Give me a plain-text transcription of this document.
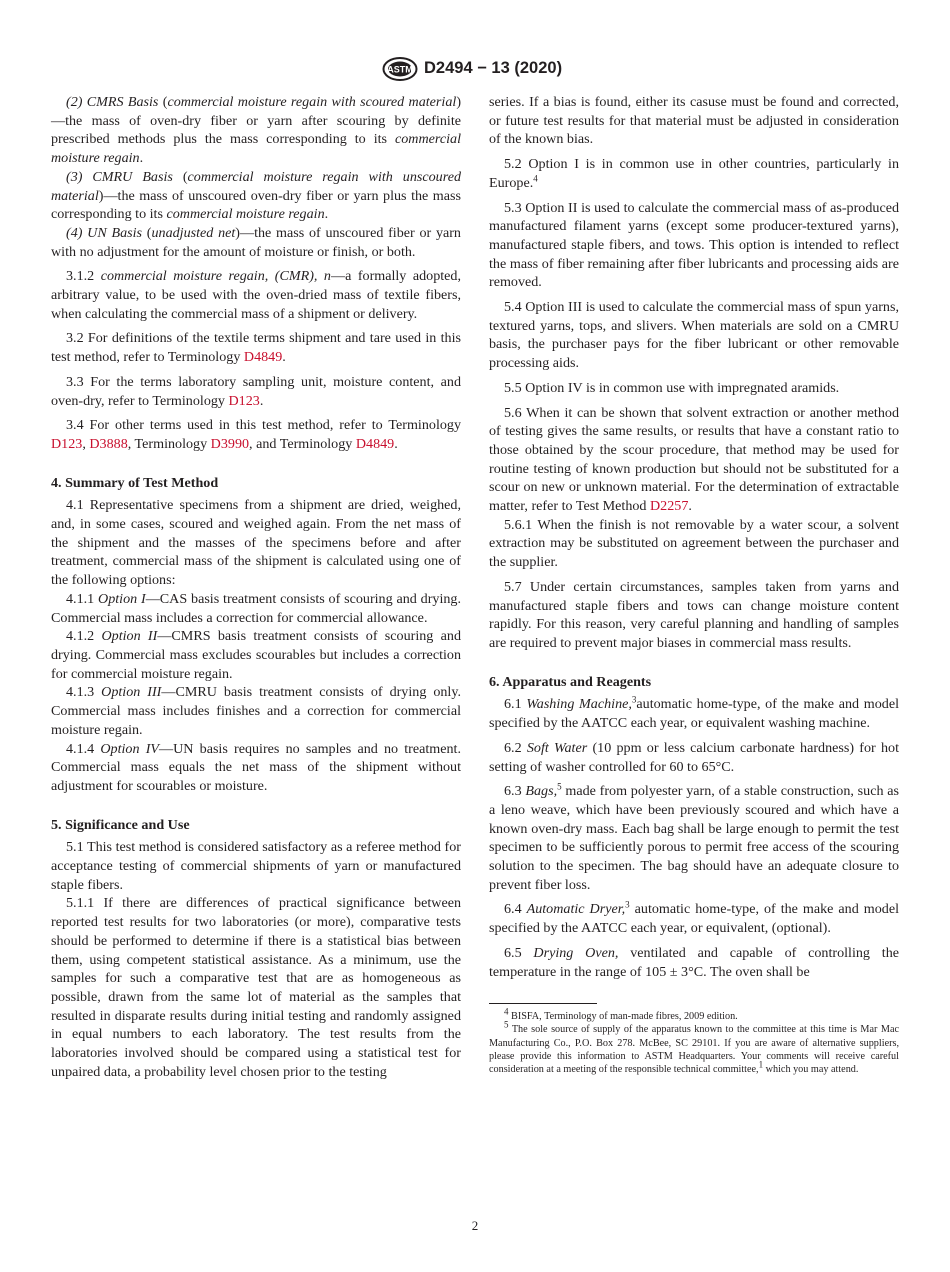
ASTM D2494 − 13 (2020)

(2) CMRS Basis (commercial moisture regain with scoured material)—the mass of oven-dry fiber or yarn after scouring by definite prescribed methods plus the mass corresponding to its commercial moisture regain.

(3) CMRU Basis (commercial moisture regain with unscoured material)—the mass of unscoured oven-dry fiber or yarn plus the mass corresponding to its commercial moisture regain.

(4) UN Basis (unadjusted net)—the mass of unscoured fiber or yarn with no adjustment for the amount of moisture or finish, or both.

3.1.2 commercial moisture regain, (CMR), n—a formally adopted, arbitrary value, to be used with the oven-dried mass of textile fibers, when calculating the commercial mass of a shipment or delivery.

3.2 For definitions of the textile terms shipment and tare used in this test method, refer to Terminology D4849.

3.3 For the terms laboratory sampling unit, moisture content, and oven-dry, refer to Terminology D123.

3.4 For other terms used in this test method, refer to Terminology D123, D3888, Terminology D3990, and Terminology D4849.

4. Summary of Test Method

4.1 Representative specimens from a shipment are dried, weighed, and, in some cases, scoured and weighed again. From the net mass of the shipment and the masses of the specimens before and after treatment, commercial mass of the shipment is calculated using one of the following options:

4.1.1 Option I—CAS basis treatment consists of scouring and drying. Commercial mass includes a correction for commercial allowance.

4.1.2 Option II—CMRS basis treatment consists of scouring and drying. Commercial mass excludes scourables but includes a correction for commercial moisture regain.

4.1.3 Option III—CMRU basis treatment consists of drying only. Commercial mass includes finishes and a correction for commercial moisture regain.

4.1.4 Option IV—UN basis requires no samples and no treatment. Commercial mass equals the net mass of the shipment without adjustment for scourables or moisture.

5. Significance and Use

5.1 This test method is considered satisfactory as a referee method for acceptance testing of commercial shipments of yarn or manufactured staple fibers.

5.1.1 If there are differences of practical significance between reported test results for two laboratories (or more), comparative tests should be performed to determine if there is a statistical bias between them, using competent statistical assistance. As a minimum, use the samples for such a comparative test that are as homogeneous as possible, drawn from the same lot of material as the samples that resulted in disparate results during initial testing and randomly assigned in equal numbers to each laboratory. The test results from the laboratories involved should be compared using a statistical test for unpaired data, a probability level chosen prior to the testing

series. If a bias is found, either its casuse must be found and corrected, or future test results for that material must be adjusted in consideration of the known bias.

5.2 Option I is in common use in other countries, particularly in Europe.$^4$

5.3 Option II is used to calculate the commercial mass of as-produced manufactured filament yarns (except some producer-textured yarns), manufactured staple fibers, and tows. This option is intended to reflect the mass of fiber remaining after fiber lubricants and processing aids are removed.

5.4 Option III is used to calculate the commercial mass of spun yarns, textured yarns, tops, and slivers. When materials are sold on a CMRU basis, the purchaser pays for the fiber lubricant or other removable processing aids.

5.5 Option IV is in common use with impregnated aramids.

5.6 When it can be shown that solvent extraction or another method of testing gives the same results, or results that have a constant ratio to those obtained by the scour procedure, that method may be used for routine testing of known production but should not be substituted for a scour on new or unknown material. For the determination of extractable matter, refer to Test Method D2257.

5.6.1 When the finish is not removable by a water scour, a solvent extraction may be substituted on agreement between the purchaser and the supplier.

5.7 Under certain circumstances, samples taken from yarns and manufactured staple fibers and tows can change moisture content rapidly. For this reason, very careful planning and handling of samples are required to prevent major biases in commercial mass results.

6. Apparatus and Reagents

6.1 Washing Machine,$^3$automatic home-type, of the make and model specified by the AATCC each year, or equivalent washing machine.

6.2 Soft Water (10 ppm or less calcium carbonate hardness) for hot setting of washer controlled for 60 to 65°C.

6.3 Bags,$^5$ made from polyester yarn, of a stable construction, such as a leno weave, which have been previously scoured and which have a known oven-dry mass. Each bag shall be large enough to permit the test specimen to be sufficiently porous to permit free access of the scouring solution to the specimen. The bag should have an adequate closure to prevent fiber loss.

6.4 Automatic Dryer,$^3$ automatic home-type, of the make and model specified by the AATCC each year, or equivalent, (optional).

6.5 Drying Oven, ventilated and capable of controlling the temperature in the range of 105 ± 3°C. The oven shall be

$^4$ BISFA, Terminology of man-made fibres, 2009 edition.

$^5$ The sole source of supply of the apparatus known to the committee at this time is Mar Mac Manufacturing Co., P.O. Box 278. McBee, SC 29101. If you are aware of alternative suppliers, please provide this information to ASTM Headquarters. Your comments will receive careful consideration at a meeting of the responsible technical committee,$^1$ which you may attend.

2
